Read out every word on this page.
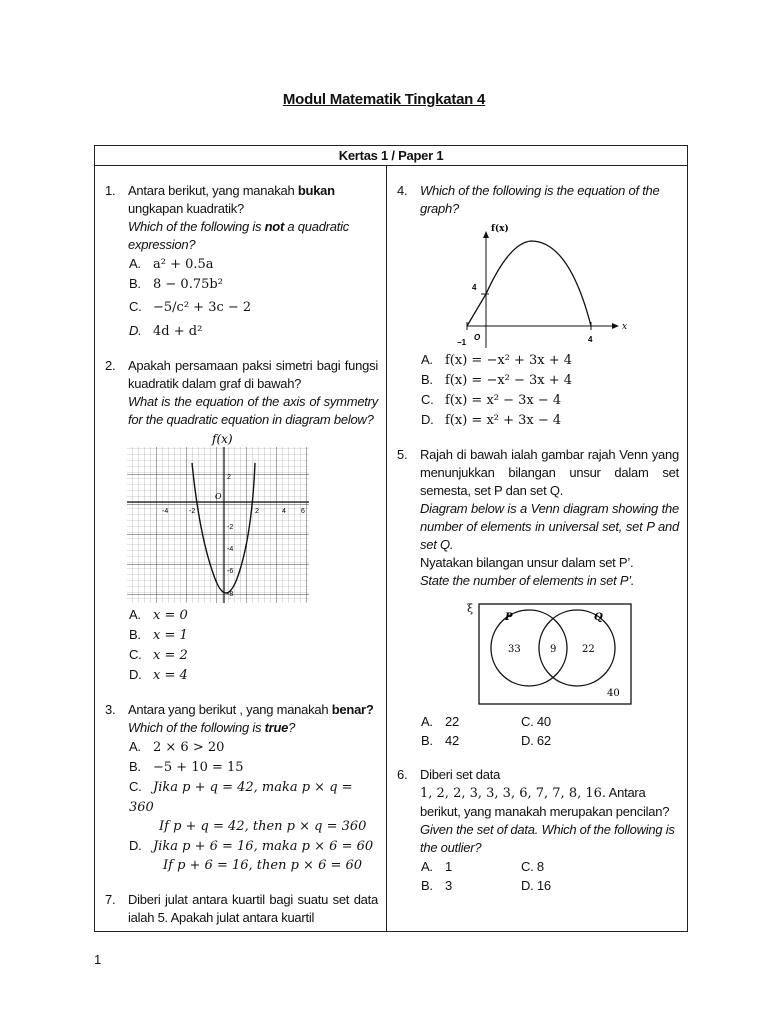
Modul Matematik Tingkatan 4
Kertas 1 / Paper 1
1. Antara berikut, yang manakah bukan ungkapan kuadratik?
Which of the following is not a quadratic expression?
A. a² + 0.5a
B. 8 − 0.75b²
C. −5/c² + 3c − 2
D. 4d + d²
2. Apakah persamaan paksi simetri bagi fungsi kuadratik dalam graf di bawah?
What is the equation of the axis of symmetry for the quadratic equation in diagram below?
f(x)
O
-4	-2	2	4 6
2
-2
-4
-6
-8
A. x = 0
B. x = 1
C. x = 2
D. x = 4
3. Antara yang berikut , yang manakah benar?
Which of the following is true?
A. 2 × 6 > 20
B. −5 + 10 = 15
C. Jika p + q = 42, maka p × q = 360
If p + q = 42, then p × q = 360
D. Jika p + 6 = 16, maka p × 6 = 60
If p + 6 = 16, then p × 6 = 60
7. Diberi julat antara kuartil bagi suatu set data ialah 5. Apakah julat antara kuartil
4. Which of the following is the equation of the graph?
f(x)
x
O
4
−1	4
A. f(x) = −x² + 3x + 4
B. f(x) = −x² − 3x + 4
C. f(x) = x² − 3x − 4
D. f(x) = x² + 3x − 4
5. Rajah di bawah ialah gambar rajah Venn yang menunjukkan bilangan unsur dalam set semesta, set P dan set Q.
Diagram below is a Venn diagram showing the number of elements in universal set, set P and set Q.
Nyatakan bilangan unsur dalam set P’.
State the number of elements in set P’.
ξ
P	Q
33	9	22
40
A. 22	C. 40
B. 42	D. 62
6. Diberi set data
1, 2, 2, 3, 3, 3, 6, 7, 7, 8, 16. Antara berikut, yang manakah merupakan pencilan?
Given the set of data. Which of the following is the outlier?
A. 1	C. 8
B. 3	D. 16
1
